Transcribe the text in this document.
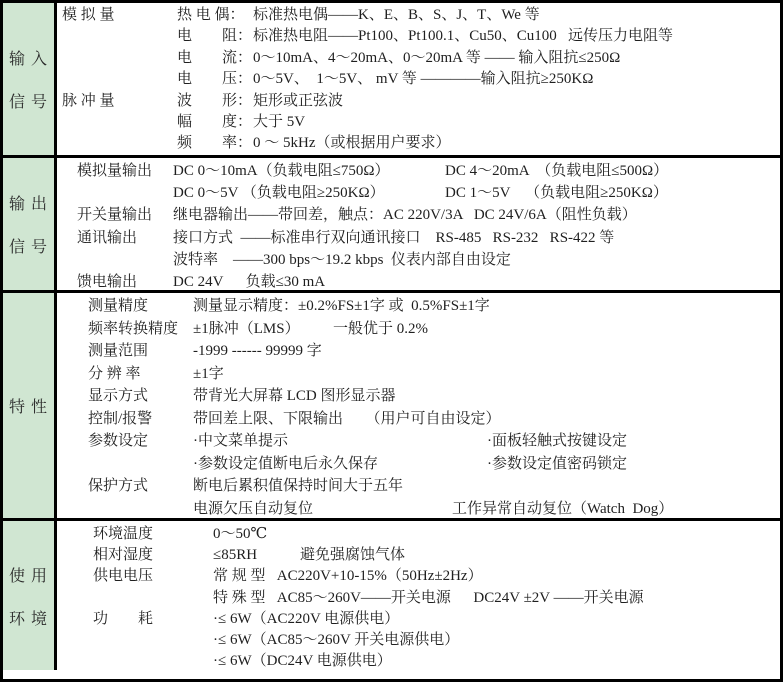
输 入
信 号
模 拟 量	热 电 偶： 标准热电偶——K、E、B、S、J、T、We 等
电　　阻： 标准热电阻——Pt100、Pt100.1、Cu50、Cu100   远传压力电阻等
电　　流： 0～10mA、4～20mA、0～20mA 等 —— 输入阻抗≤250Ω
电　　压： 0～5V、  1～5V、 mV 等 ————输入阻抗≥250KΩ
脉 冲 量	波　　形： 矩形或正弦波
幅　　度： 大于 5V
频　　率： 0 ～ 5kHz（或根据用户要求）
输 出
信 号
模拟量输出	DC 0～10mA（负载电阻≤750Ω）	DC 4～20mA  （负载电阻≤500Ω）
DC 0～5V （负载电阻≥250KΩ）	DC 1～5V    （负载电阻≥250KΩ）
开关量输出	继电器输出——带回差，触点：AC 220V/3A   DC 24V/6A（阻性负载）
通讯输出	接口方式  ——标准串行双向通讯接口    RS-485   RS-232   RS-422 等
波特率    ——300 bps～19.2 kbps  仪表内部自由设定
馈电输出	DC 24V      负载≤30 mA
特 性
测量精度	测量显示精度：±0.2%FS±1字 或  0.5%FS±1字
频率转换精度 ±1脉冲（LMS）	一般优于 0.2%
测量范围	-1999 ------ 99999 字
分 辨 率	±1字
显示方式	带背光大屏幕 LCD 图形显示器
控制/报警	带回差上限、下限输出　　（用户可自由设定）
参数设定	·中文菜单提示	·面板轻触式按键设定
·参数设定值断电后永久保存	·参数设定值密码锁定
保护方式	断电后累积值保持时间大于五年
电源欠压自动复位	工作异常自动复位（Watch  Dog）
使 用
环 境
环境温度	0～50℃
相对湿度	≤85RH	避免强腐蚀气体
供电电压	常 规 型   AC220V+10-15%（50Hz±2Hz）
特 殊 型   AC85～260V——开关电源      DC24V ±2V ——开关电源
功　　耗	·≤ 6W（AC220V 电源供电）
·≤ 6W（AC85～260V 开关电源供电）
·≤ 6W（DC24V 电源供电）
